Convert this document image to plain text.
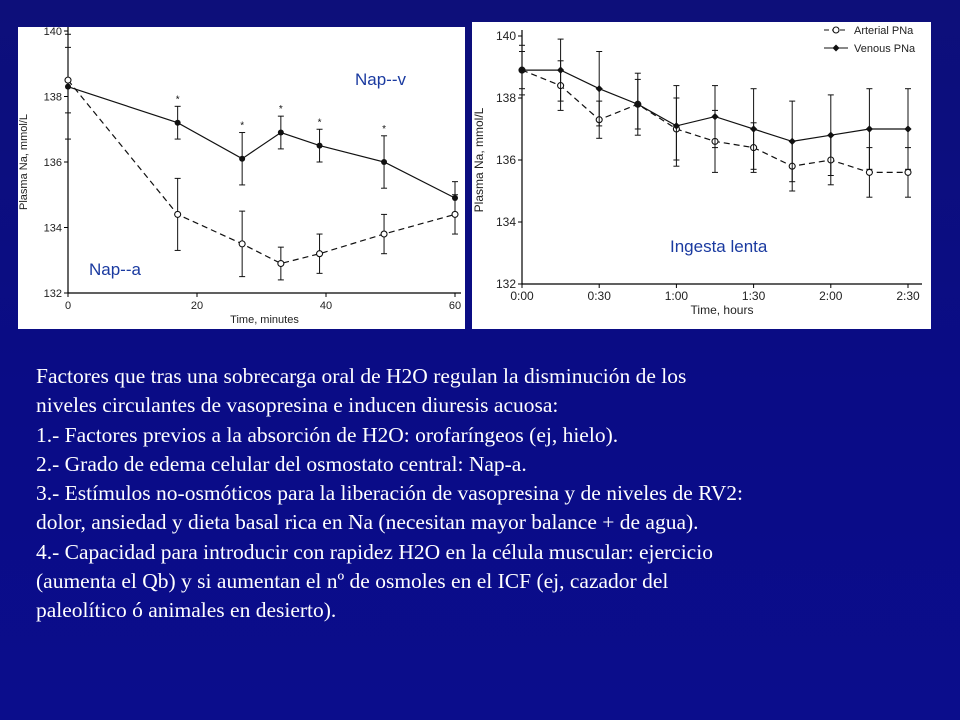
132
134
136
138
140
0	20	40	60
Time, minutes
Plasma Na, mmol/L
*
*
*
*
*
Nap--v
Nap--a
132
134
136
138
140
0:00	0:30	1:00	1:30	2:00	2:30
Time, hours
Plasma Na, mmol/L
Arterial PNa
Venous PNa
Ingesta lenta
Factores que tras una sobrecarga oral de H2O regulan la disminución de los
niveles circulantes de vasopresina e inducen diuresis acuosa:
1.- Factores previos a la absorción de H2O: orofaríngeos (ej, hielo).
2.- Grado de edema celular del osmostato central: Nap-a.
3.- Estímulos no-osmóticos para la liberación de vasopresina y de niveles de RV2:
dolor, ansiedad y dieta basal rica en Na (necesitan mayor balance + de agua).
4.- Capacidad para introducir con rapidez H2O en la célula muscular: ejercicio
(aumenta el Qb) y si aumentan el nº de osmoles en el ICF (ej, cazador del
paleolítico ó animales en desierto).
